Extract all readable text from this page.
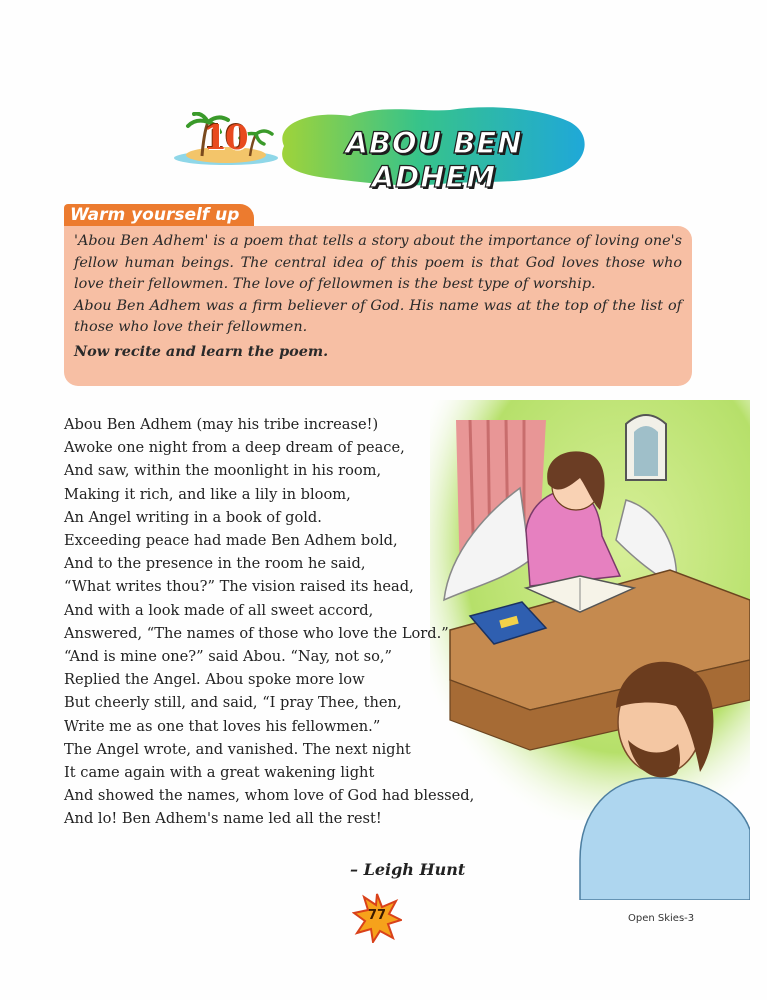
10	ABOU BEN ADHEM
Warm yourself up

'Abou Ben Adhem' is a poem that tells a story about the importance of loving one's fellow human beings. The central idea of this poem is that God loves those who love their fellowmen. The love of fellowmen is the best type of worship.

Abou Ben Adhem was a firm believer of God. His name was at the top of the list of those who love their fellowmen.

Now recite and learn the poem.

Abou Ben Adhem (may his tribe increase!)
Awoke one night from a deep dream of peace,
And saw, within the moonlight in his room,
Making it rich, and like a lily in bloom,
An Angel writing in a book of gold.
Exceeding peace had made Ben Adhem bold,
And to the presence in the room he said,
“What writes thou?” The vision raised its head,
And with a look made of all sweet accord,
Answered, “The names of those who love the Lord.”
“And is mine one?” said Abou. “Nay, not so,”
Replied the Angel. Abou spoke more low
But cheerly still, and said, “I pray Thee, then,
Write me as one that loves his fellowmen.”
The Angel wrote, and vanished. The next night
It came again with a great wakening light
And showed the names, whom love of God had blessed,
And lo! Ben Adhem's name led all the rest!
– Leigh Hunt
77	Open Skies-3
